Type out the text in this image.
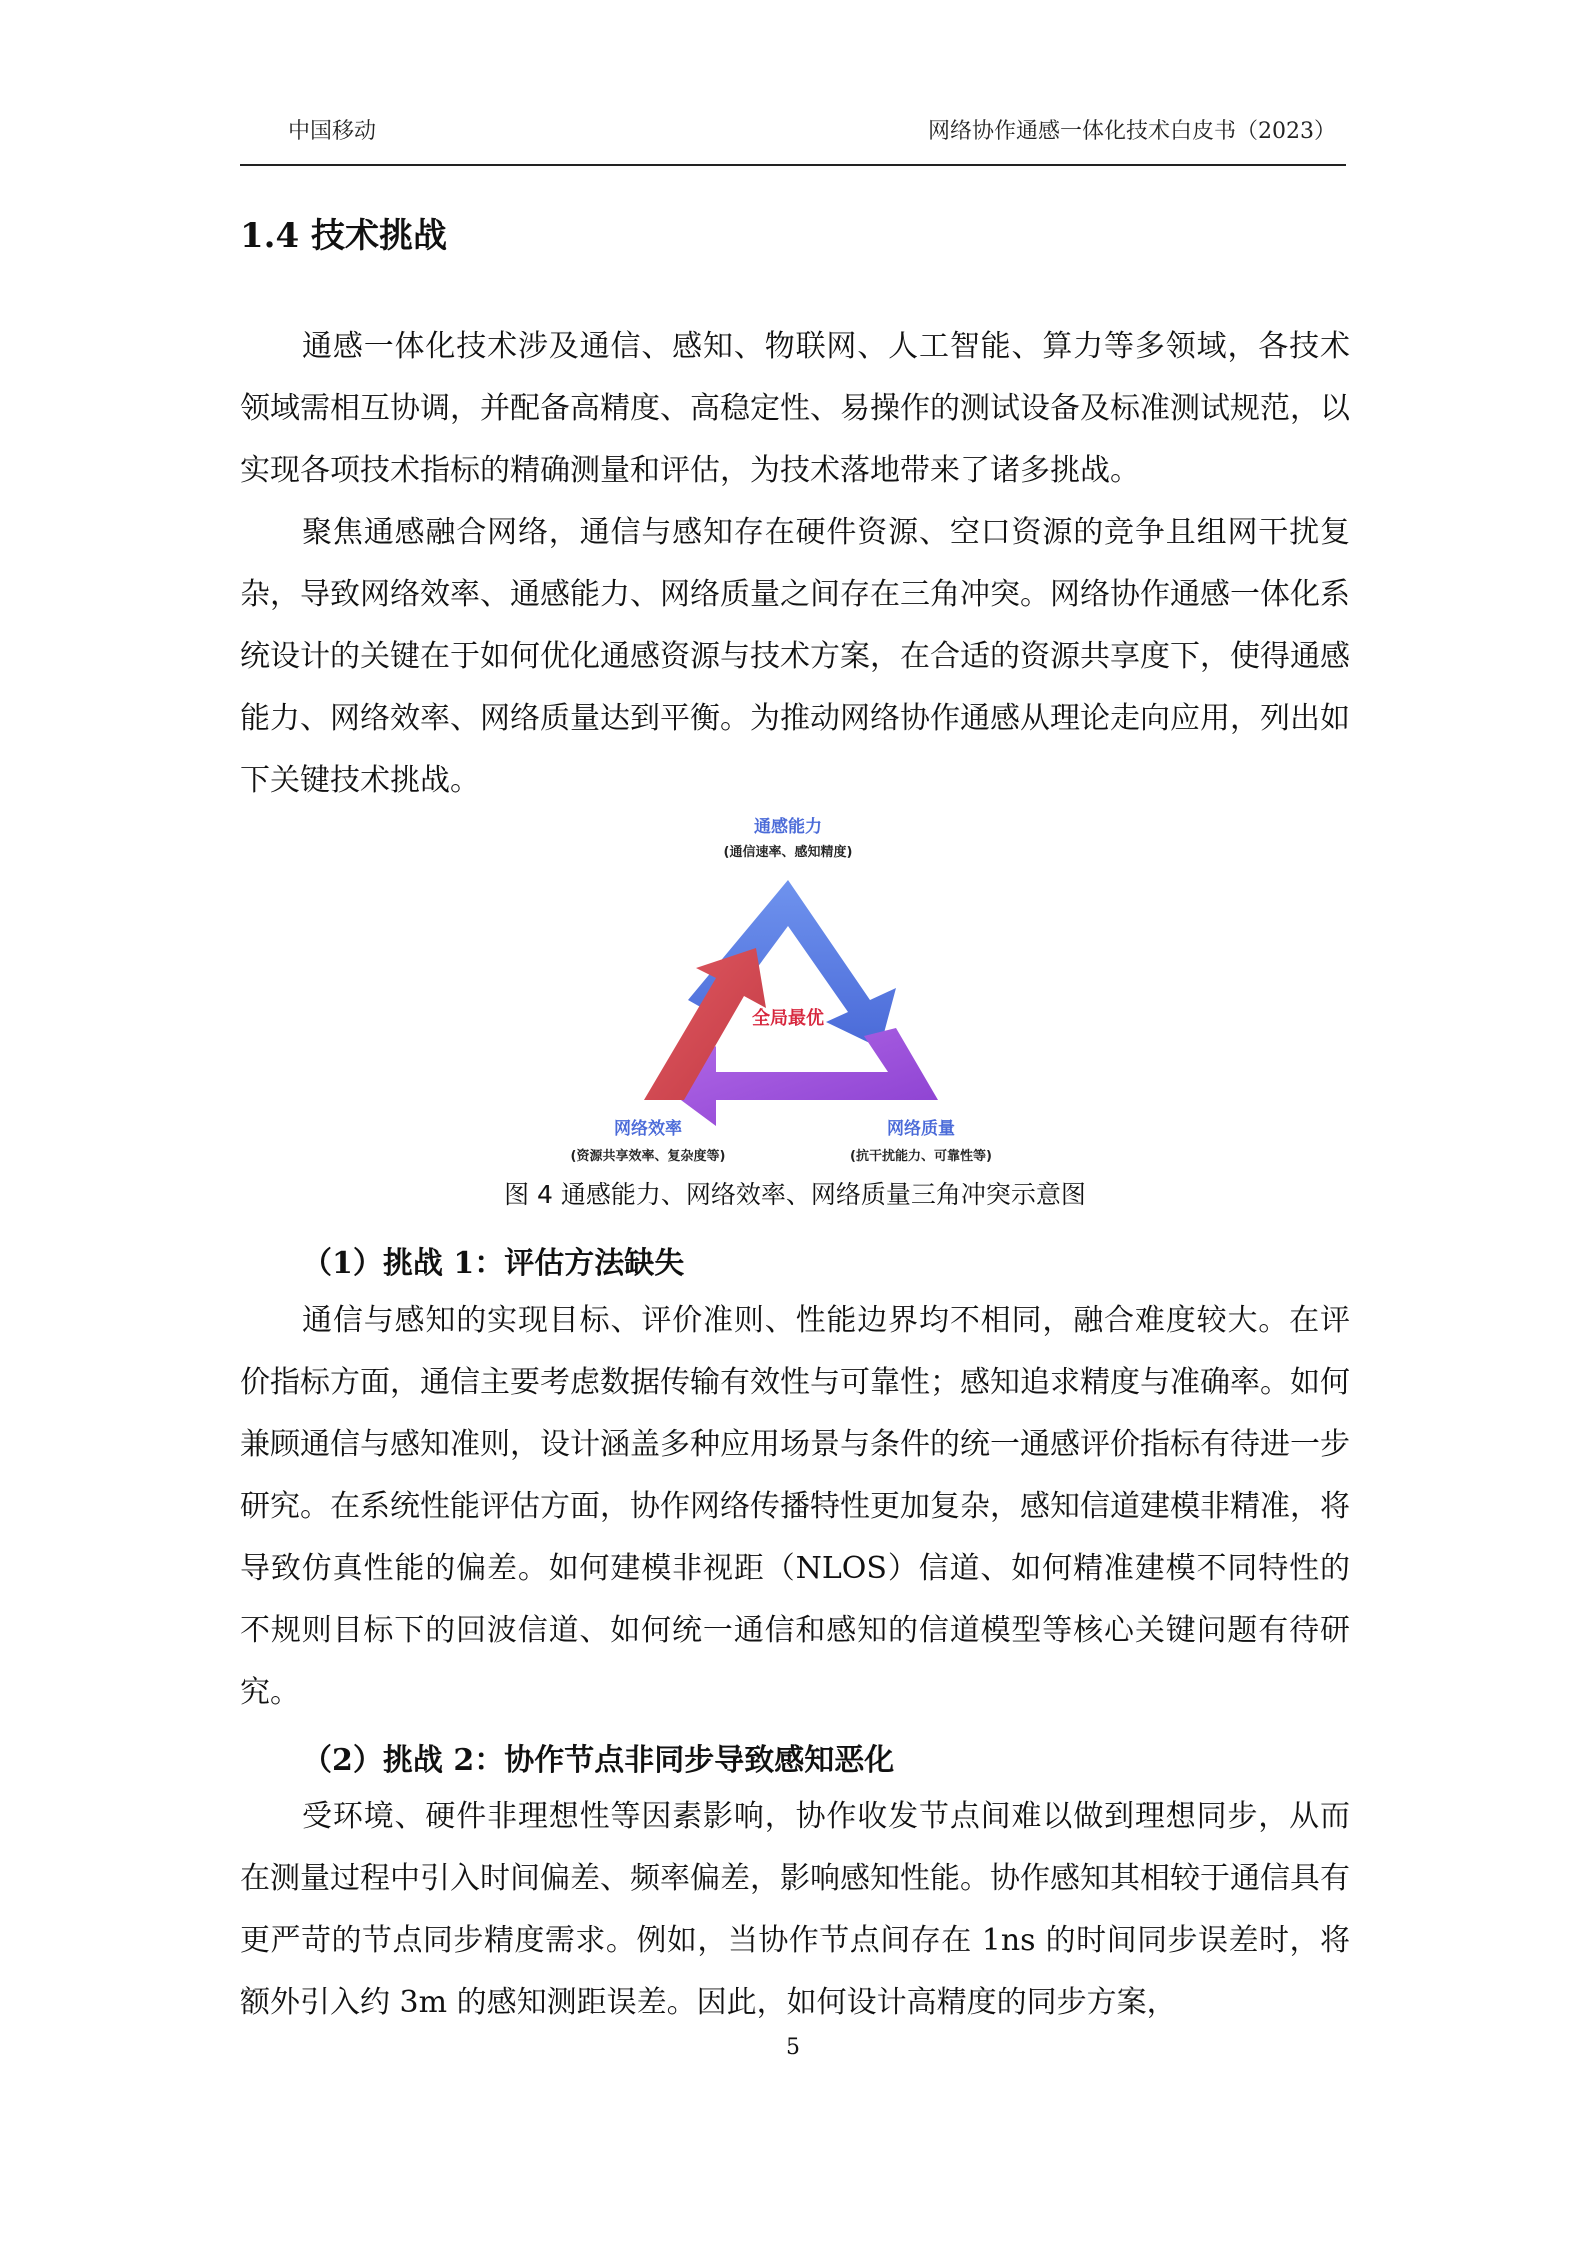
中国移动	网络协作通感一体化技术白皮书（2023）
1.4 技术挑战

通感一体化技术涉及通信、感知、物联网、人工智能、算力等多领域，各技术领域需相互协调，并配备高精度、高稳定性、易操作的测试设备及标准测试规范，以实现各项技术指标的精确测量和评估，为技术落地带来了诸多挑战。

聚焦通感融合网络，通信与感知存在硬件资源、空口资源的竞争且组网干扰复杂，导致网络效率、通感能力、网络质量之间存在三角冲突。网络协作通感一体化系统设计的关键在于如何优化通感资源与技术方案，在合适的资源共享度下，使得通感能力、网络效率、网络质量达到平衡。为推动网络协作通感从理论走向应用，列出如下关键技术挑战。

通感能力
(通信速率、感知精度)
全局最优
网络效率
(资源共享效率、复杂度等)
网络质量
(抗干扰能力、可靠性等)
图 4 通感能力、网络效率、网络质量三角冲突示意图
（1）挑战 1：评估方法缺失

通信与感知的实现目标、评价准则、性能边界均不相同，融合难度较大。在评价指标方面，通信主要考虑数据传输有效性与可靠性；感知追求精度与准确率。如何兼顾通信与感知准则，设计涵盖多种应用场景与条件的统一通感评价指标有待进一步研究。在系统性能评估方面，协作网络传播特性更加复杂，感知信道建模非精准，将导致仿真性能的偏差。如何建模非视距（NLOS）信道、如何精准建模不同特性的不规则目标下的回波信道、如何统一通信和感知的信道模型等核心关键问题有待研究。

（2）挑战 2：协作节点非同步导致感知恶化

受环境、硬件非理想性等因素影响，协作收发节点间难以做到理想同步，从而在测量过程中引入时间偏差、频率偏差，影响感知性能。协作感知其相较于通信具有更严苛的节点同步精度需求。例如，当协作节点间存在 1ns 的时间同步误差时，将额外引入约 3m 的感知测距误差。因此，如何设计高精度的同步方案，

5
